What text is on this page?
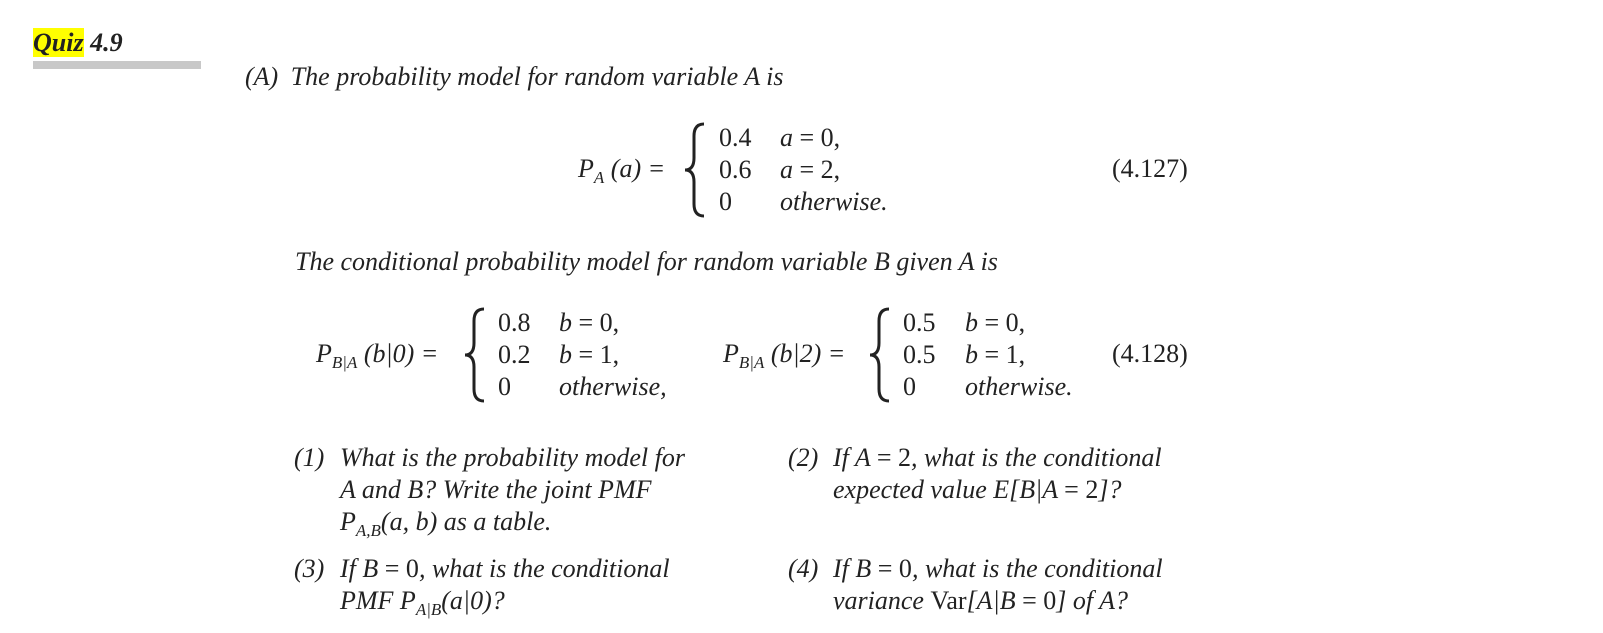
Quiz 4.9
(A) The probability model for random variable A is
$P_A$ (a) =
0.4 a = 0,
0.6 a = 2,
0 otherwise.
(4.127)
The conditional probability model for random variable B given A is
$P_{B|A}$ (b|0) =
0.8 b = 0,
0.2 b = 1,
0 otherwise,
$P_{B|A}$ (b|2) =
0.5 b = 0,
0.5 b = 1,
0 otherwise.
(4.128)
(1) What is the probability model for
A and B? Write the joint PMF
$P_{A,B}(a$, b) as a table.
(2) If A = 2, what is the conditional
expected value E[B|A = 2]?
(3) If B = 0, what is the conditional
PMF $P_{A|B}(a|0)$?
(4) If B = 0, what is the conditional
variance Var[A|B = 0] of A?
